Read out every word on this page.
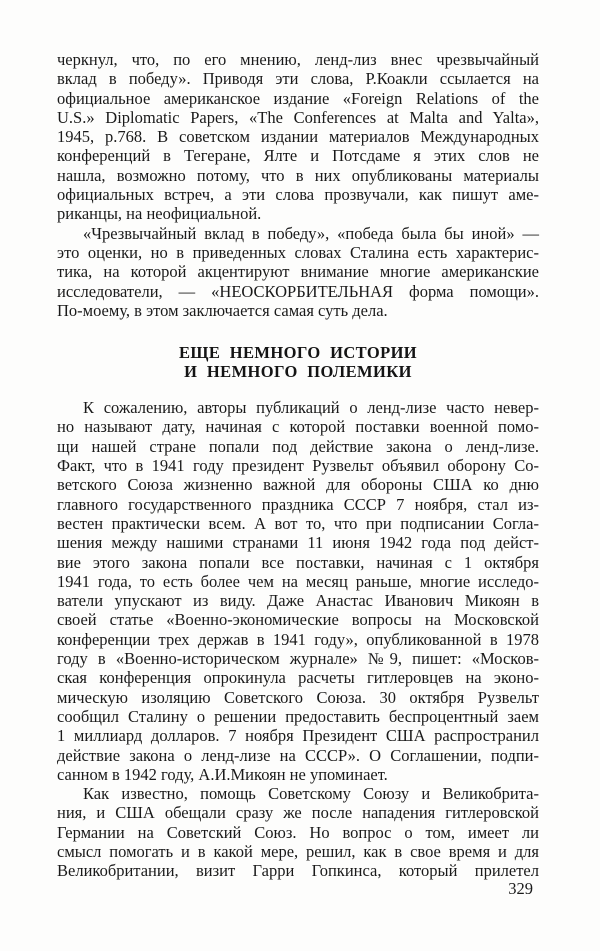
черкнул, что, по его мнению, ленд-лиз внес чрезвычайный
вклад в победу». Приводя эти слова, Р.Коакли ссылается на
официальное американское издание «Foreign Relations of the
U.S.» Diplomatic Papers, «The Conferences at Malta and Yalta»,
1945, p.768. В советском издании материалов Международных
конференций в Тегеране, Ялте и Потсдаме я этих слов не
нашла, возможно потому, что в них опубликованы материалы
официальных встреч, а эти слова прозвучали, как пишут аме-
риканцы, на неофициальной.
«Чрезвычайный вклад в победу», «победа была бы иной» —
это оценки, но в приведенных словах Сталина есть характерис-
тика, на которой акцентируют внимание многие американские
исследователи, — «НЕОСКОРБИТЕЛЬНАЯ форма помощи».
По-моему, в этом заключается самая суть дела.
ЕЩЕ НЕМНОГО ИСТОРИИ
И НЕМНОГО ПОЛЕМИКИ
К сожалению, авторы публикаций о ленд-лизе часто невер-
но называют дату, начиная с которой поставки военной помо-
щи нашей стране попали под действие закона о ленд-лизе.
Факт, что в 1941 году президент Рузвельт объявил оборону Со-
ветского Союза жизненно важной для обороны США ко дню
главного государственного праздника СССР 7 ноября, стал из-
вестен практически всем. А вот то, что при подписании Согла-
шения между нашими странами 11 июня 1942 года под дейст-
вие этого закона попали все поставки, начиная с 1 октября
1941 года, то есть более чем на месяц раньше, многие исследо-
ватели упускают из виду. Даже Анастас Иванович Микоян в
своей статье «Военно-экономические вопросы на Московской
конференции трех держав в 1941 году», опубликованной в 1978
году в «Военно-историческом журнале» №9, пишет: «Москов-
ская конференция опрокинула расчеты гитлеровцев на эконо-
мическую изоляцию Советского Союза. 30 октября Рузвельт
сообщил Сталину о решении предоставить беспроцентный заем
1 миллиард долларов. 7 ноября Президент США распространил
действие закона о ленд-лизе на СССР». О Соглашении, подпи-
санном в 1942 году, А.И.Микоян не упоминает.
Как известно, помощь Советскому Союзу и Великобрита-
ния, и США обещали сразу же после нападения гитлеровской
Германии на Советский Союз. Но вопрос о том, имеет ли
смысл помогать и в какой мере, решил, как в свое время и для
Великобритании, визит Гарри Гопкинса, который прилетел
329
